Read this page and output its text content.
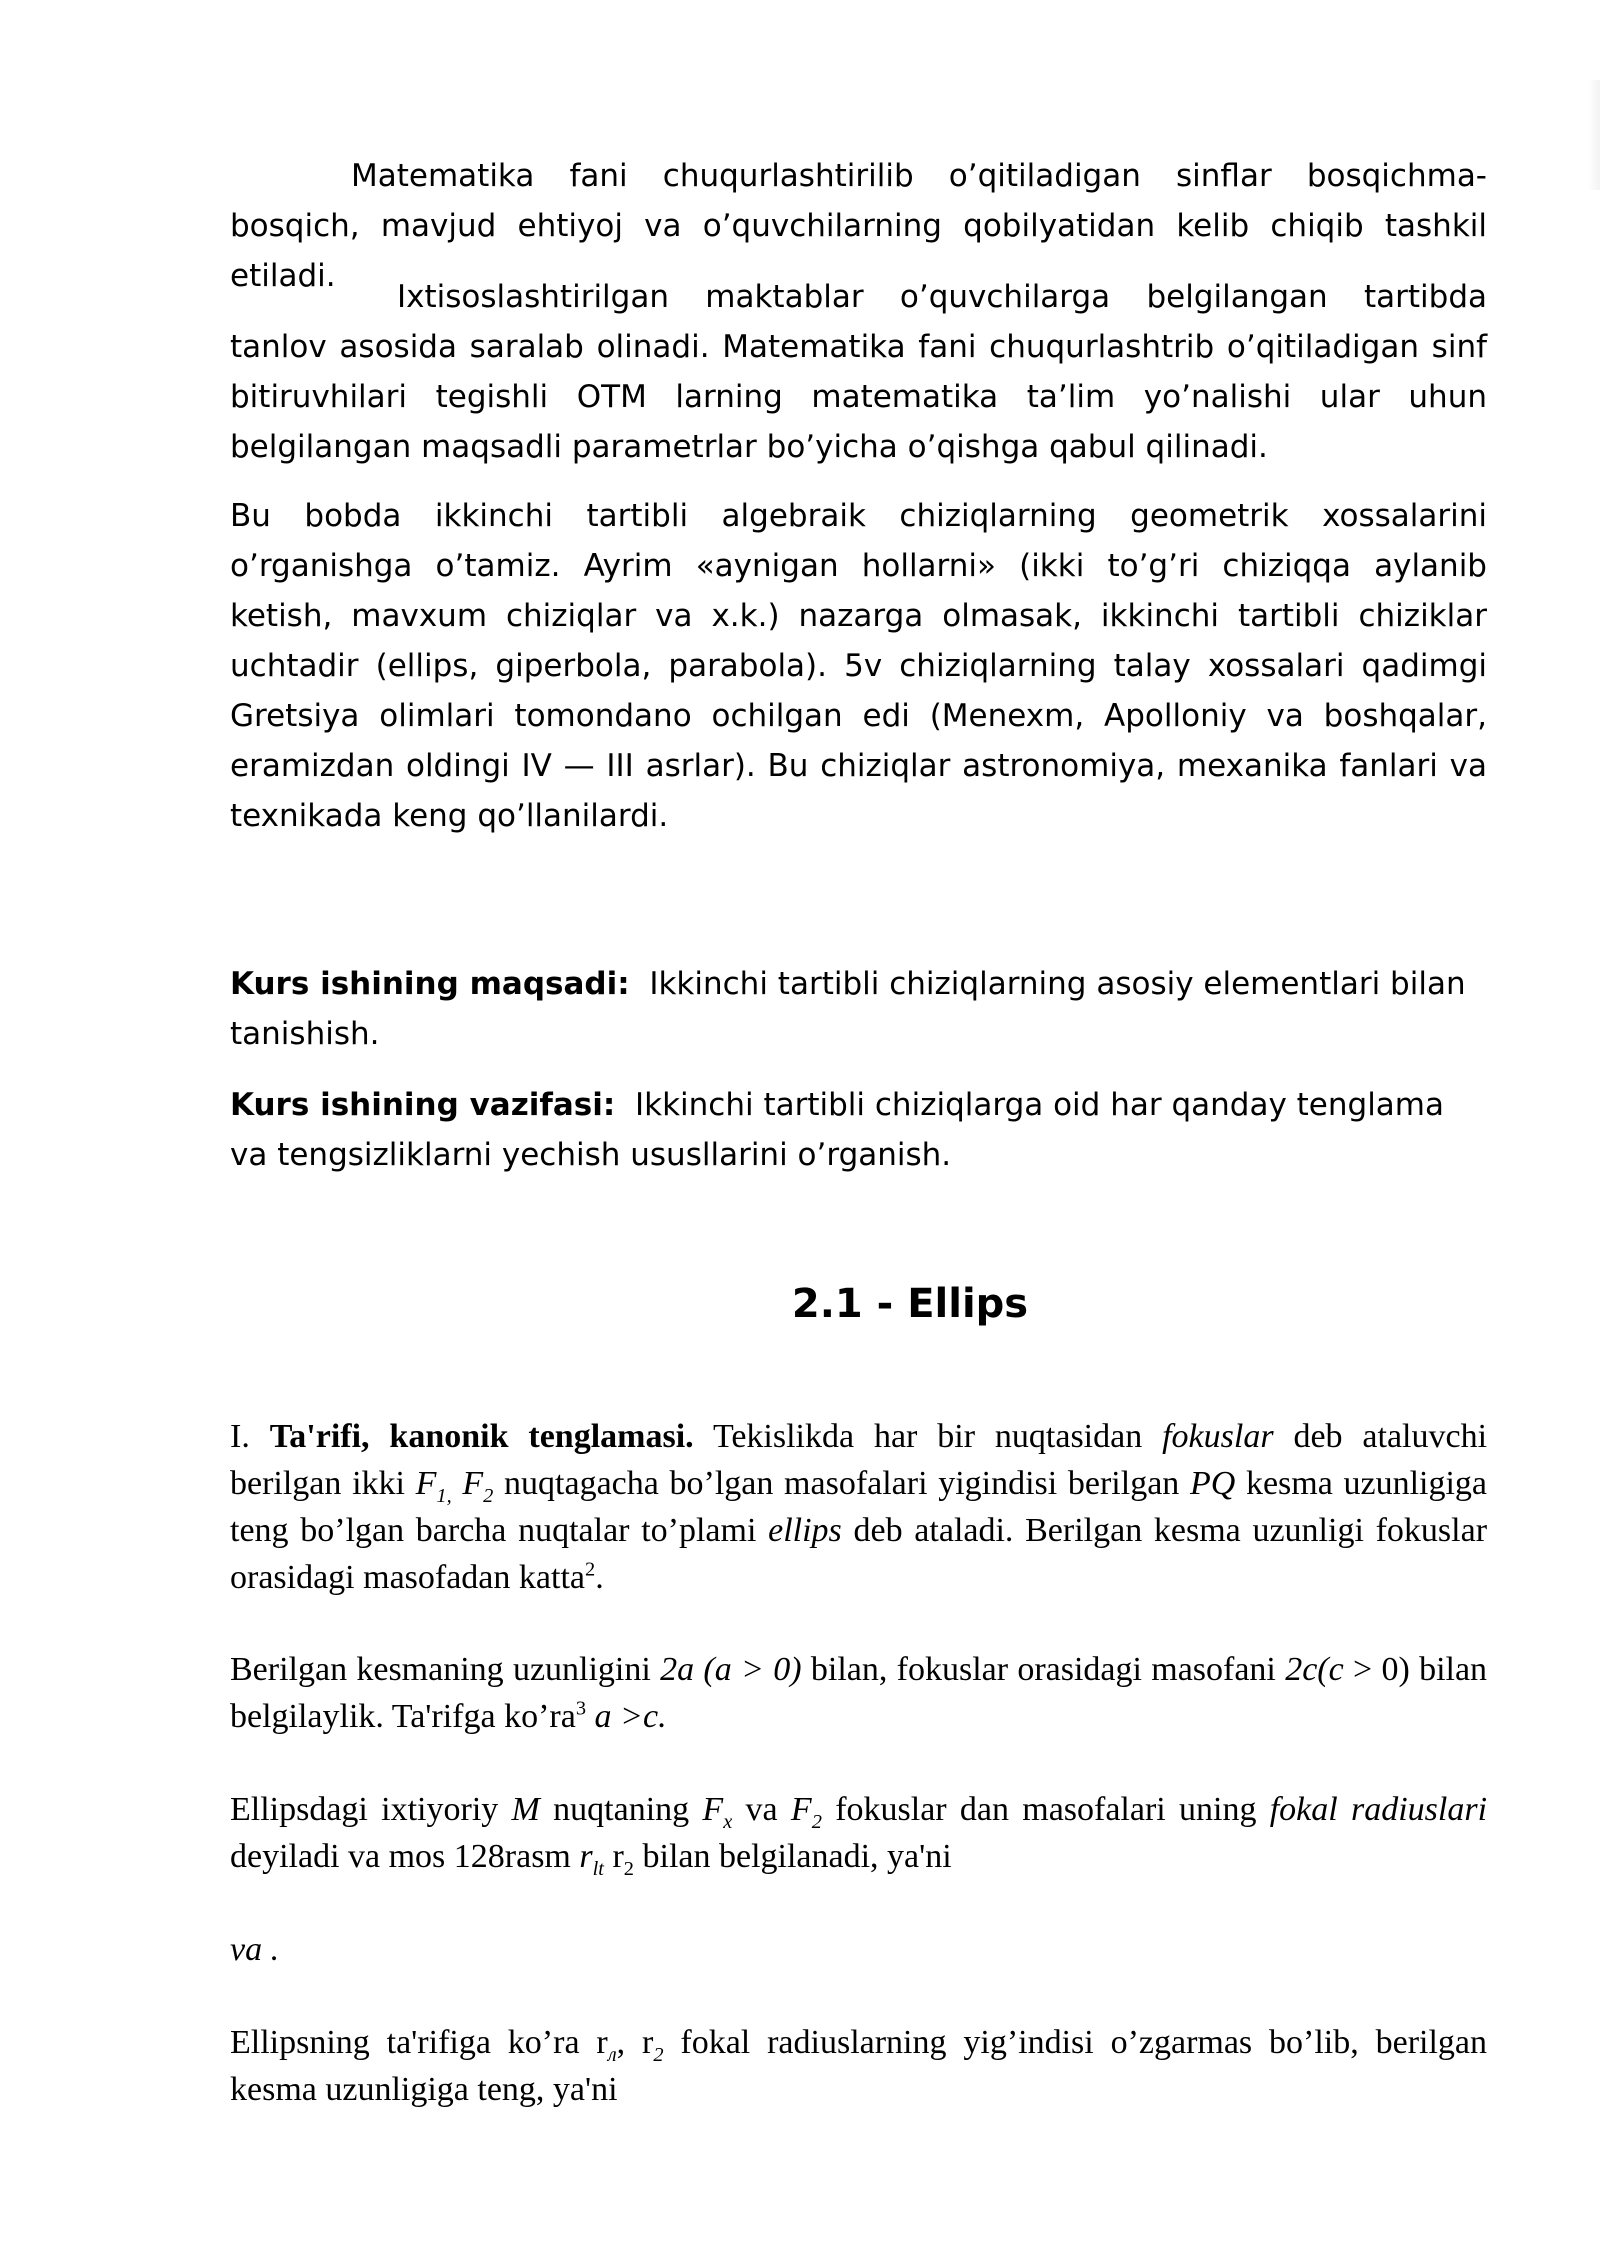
Matematika fani chuqurlashtirilib o’qitiladigan sinflar bosqichma-bosqich, mavjud ehtiyoj va o’quvchilarning qobilyatidan kelib chiqib tashkil etiladi.

Ixtisoslashtirilgan maktablar o’quvchilarga belgilangan tartibda tanlov asosida saralab olinadi. Matematika fani chuqurlashtrib o’qitiladigan sinf bitiruvhilari tegishli OTM larning matematika ta’lim yo’nalishi ular uhun belgilangan maqsadli parametrlar bo’yicha o’qishga qabul qilinadi.

Bu bobda ikkinchi tartibli algebraik chiziqlarning geometrik xossalarini o’rganishga o’tamiz. Ayrim «aynigan hollarni» (ikki to’g’ri chiziqqa aylanib ketish, mavxum chiziqlar va x.k.) nazarga olmasak, ikkinchi tartibli chiziklar uchtadir (ellips, giperbola, parabola). 5v chiziqlarning talay xossalari qadimgi Gretsiya olimlari tomondano ochilgan edi (Menexm, Apolloniy va boshqalar, eramizdan oldingi IV — III asrlar). Bu chiziqlar astronomiya, mexanika fanlari va texnikada keng qo’llanilardi.

Kurs ishining maqsadi: Ikkinchi tartibli chiziqlarning asosiy elementlari bilan tanishish.

Kurs ishining vazifasi: Ikkinchi tartibli chiziqlarga oid har qanday tenglama va tengsizliklarni yechish ususllarini o’rganish.

2.1 - Ellips

I. Ta'rifi, kanonik tenglamasi. Tekislikda har bir nuqtasidan fokuslar deb ataluvchi berilgan ikki $F_{1,}$ $F_2$ nuqtagacha bo’lgan masofalari yigindisi berilgan PQ kesma uzunligiga teng bo’lgan barcha nuqtalar to’plami ellips deb ataladi. Berilgan kesma uzunligi fokuslar orasidagi masofadan katta$^2$.

Berilgan kesmaning uzunligini 2a (a > 0) bilan, fokuslar orasidagi masofani 2c(c > 0) bilan belgilaylik. Ta'rifga $ko’ra^3$ a >c.

Ellipsdagi ixtiyoriy M nuqtaning $F_x$ va $F_2$ fokuslar dan masofalari uning fokal radiuslari deyiladi va mos 128rasm $r_{lt}$ $r_2$ bilan belgilanadi, ya'ni

va .

Ellipsning ta'rifiga ko’ra $r_л$, $r_2$ fokal radiuslarning yig’indisi o’zgarmas bo’lib, berilgan kesma uzunligiga teng, ya'ni
